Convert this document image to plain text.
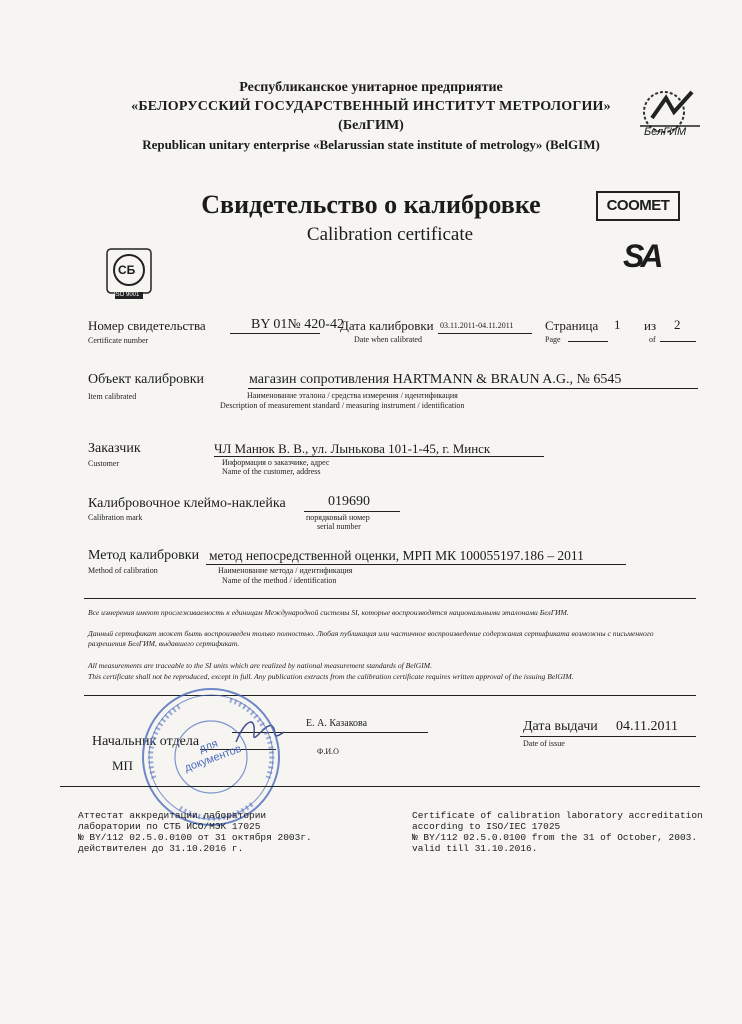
Республиканское унитарное предприятие
«БЕЛОРУССКИЙ ГОСУДАРСТВЕННЫЙ ИНСТИТУТ МЕТРОЛОГИИ»
(БелГИМ)
Republican unitary enterprise «Belarussian state institute of metrology» (BelGIM)
БелГИМ
Свидетельство о калибровке
Calibration certificate
COOMET
СБ
ISO 9001
SA
Номер свидетельства	BY 01№ 420-42
Certificate number
Дата калибровки 03.11.2011-04.11.2011
Date when calibrated
Страница 1 из 2
Page	of
Объект калибровки	магазин сопротивления HARTMANN & BRAUN A.G., № 6545
Item calibrated	Наименование эталона / средства измерения / идентификация
Description of measurement standard / measuring instrument / identification
Заказчик	ЧЛ Манюк В. В., ул. Лынькова 101-1-45, г. Минск
Customer	Информация о заказчике, адрес
Name of the customer, address
Калибровочное клеймо-наклейка	019690
Calibration mark	порядковый номер
serial number
Метод калибровки метод непосредственной оценки, МРП МК 100055197.186 – 2011
Method of calibration	Наименование метода / идентификация
Name of the method / identification
Все измерения имеют прослеживаемость к единицам Международной системы SI, которые воспроизводятся национальными эталонами БелГИМ.
Данный сертификат может быть воспроизведен только полностью. Любая публикация или частичное воспроизведение содержания сертификата возможны с письменного разрешения БелГИМ, выдавшего сертификат.
All measurements are traceable to the SI units which are realized by national measurement standards of BelGIM.
This certificate shall not be reproduced, except in full. Any publication extracts from the calibration certificate requires written approval of the issuing BelGIM.
Е. А. Казакова
Начальник отдела
Ф.И.О
МП
для документов
Дата выдачи 04.11.2011
Date of issue
Аттестат аккредитации лаборатории
лаборатории по СТБ ИСО/МЭК 17025
№ BY/112 02.5.0.0100 от 31 октября 2003г.
действителен до 31.10.2016 г.
Certificate of calibration laboratory accreditation
according to ISO/IEC 17025
№ BY/112 02.5.0.0100 from the 31 of October, 2003.
valid till 31.10.2016.
